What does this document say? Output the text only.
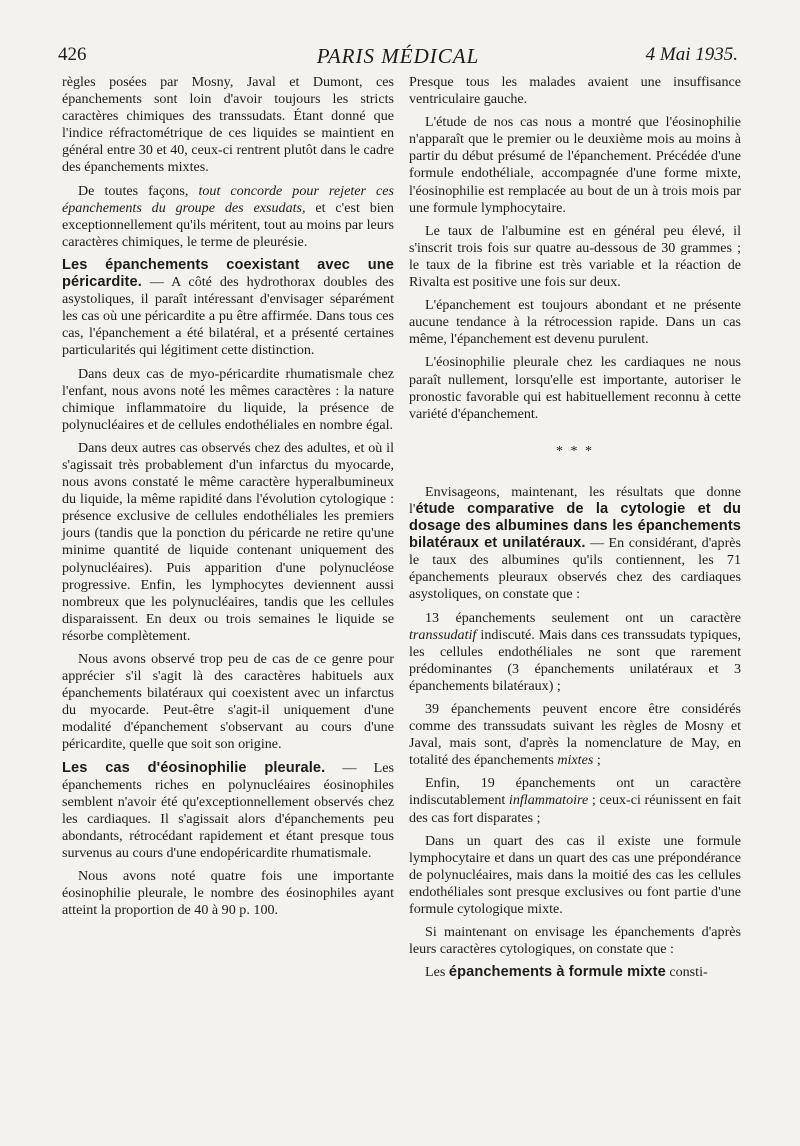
426	PARIS MÉDICAL	4 Mai 1935.

règles posées par Mosny, Javal et Dumont, ces épanchements sont loin d'avoir toujours les stricts caractères chimiques des transsudats. Étant donné que l'indice réfractométrique de ces liquides se maintient en général entre 30 et 40, ceux-ci rentrent plutôt dans le cadre des épanchements mixtes.

De toutes façons, tout concorde pour rejeter ces épanchements du groupe des exsudats, et c'est bien exceptionnellement qu'ils méritent, tout au moins par leurs caractères chimiques, le terme de pleurésie.

Les épanchements coexistant avec une péricardite. — A côté des hydrothorax doubles des asystoliques, il paraît intéressant d'envisager séparément les cas où une péricardite a pu être affirmée. Dans tous ces cas, l'épanchement a été bilatéral, et a présenté certaines particularités qui légitiment cette distinction.

Dans deux cas de myo-péricardite rhumatismale chez l'enfant, nous avons noté les mêmes caractères : la nature chimique inflammatoire du liquide, la présence de polynucléaires et de cellules endothéliales en nombre égal.

Dans deux autres cas observés chez des adultes, et où il s'agissait très probablement d'un infarctus du myocarde, nous avons constaté le même caractère hyperalbumineux du liquide, la même rapidité dans l'évolution cytologique : présence exclusive de cellules endothéliales les premiers jours (tandis que la ponction du péricarde ne retire qu'une minime quantité de liquide contenant uniquement des polynucléaires). Puis apparition d'une polynucléose progressive. Enfin, les lymphocytes deviennent aussi nombreux que les polynucléaires, tandis que les cellules disparaissent. En deux ou trois semaines le liquide se résorbe complètement.

Nous avons observé trop peu de cas de ce genre pour apprécier s'il s'agit là des caractères habituels aux épanchements bilatéraux qui coexistent avec un infarctus du myocarde. Peut-être s'agit-il uniquement d'une modalité d'épanchement s'observant au cours d'une péricardite, quelle que soit son origine.

Les cas d'éosinophilie pleurale. — Les épanchements riches en polynucléaires éosinophiles semblent n'avoir été qu'exceptionnellement observés chez les cardiaques. Il s'agissait alors d'épanchements peu abondants, rétrocédant rapidement et étant presque tous survenus au cours d'une endopéricardite rhumatismale.

Nous avons noté quatre fois une importante éosinophilie pleurale, le nombre des éosinophiles ayant atteint la proportion de 40 à 90 p. 100.

Presque tous les malades avaient une insuffisance ventriculaire gauche.

L'étude de nos cas nous a montré que l'éosinophilie n'apparaît que le premier ou le deuxième mois au moins à partir du début présumé de l'épanchement. Précédée d'une formule endothéliale, accompagnée d'une forme mixte, l'éosinophilie est remplacée au bout de un à trois mois par une formule lymphocytaire.

Le taux de l'albumine est en général peu élevé, il s'inscrit trois fois sur quatre au-dessous de 30 grammes ; le taux de la fibrine est très variable et la réaction de Rivalta est positive une fois sur deux.

L'épanchement est toujours abondant et ne présente aucune tendance à la rétrocession rapide. Dans un cas même, l'épanchement est devenu purulent.

L'éosinophilie pleurale chez les cardiaques ne nous paraît nullement, lorsqu'elle est importante, autoriser le pronostic favorable qui est habituellement reconnu à cette variété d'épanchement.

* * *

Envisageons, maintenant, les résultats que donne l'étude comparative de la cytologie et du dosage des albumines dans les épanchements bilatéraux et unilatéraux. — En considérant, d'après le taux des albumines qu'ils contiennent, les 71 épanchements pleuraux observés chez des cardiaques asystoliques, on constate que :

13 épanchements seulement ont un caractère transsudatif indiscuté. Mais dans ces transsudats typiques, les cellules endothéliales ne sont que rarement prédominantes (3 épanchements unilatéraux et 3 épanchements bilatéraux) ;

39 épanchements peuvent encore être considérés comme des transsudats suivant les règles de Mosny et Javal, mais sont, d'après la nomenclature de May, en totalité des épanchements mixtes ;

Enfin, 19 épanchements ont un caractère indiscutablement inflammatoire ; ceux-ci réunissent en fait des cas fort disparates ;

Dans un quart des cas il existe une formule lymphocytaire et dans un quart des cas une prépondérance de polynucléaires, mais dans la moitié des cas les cellules endothéliales sont presque exclusives ou font partie d'une formule cytologique mixte.

Si maintenant on envisage les épanchements d'après leurs caractères cytologiques, on constate que :

Les épanchements à formule mixte consti-
